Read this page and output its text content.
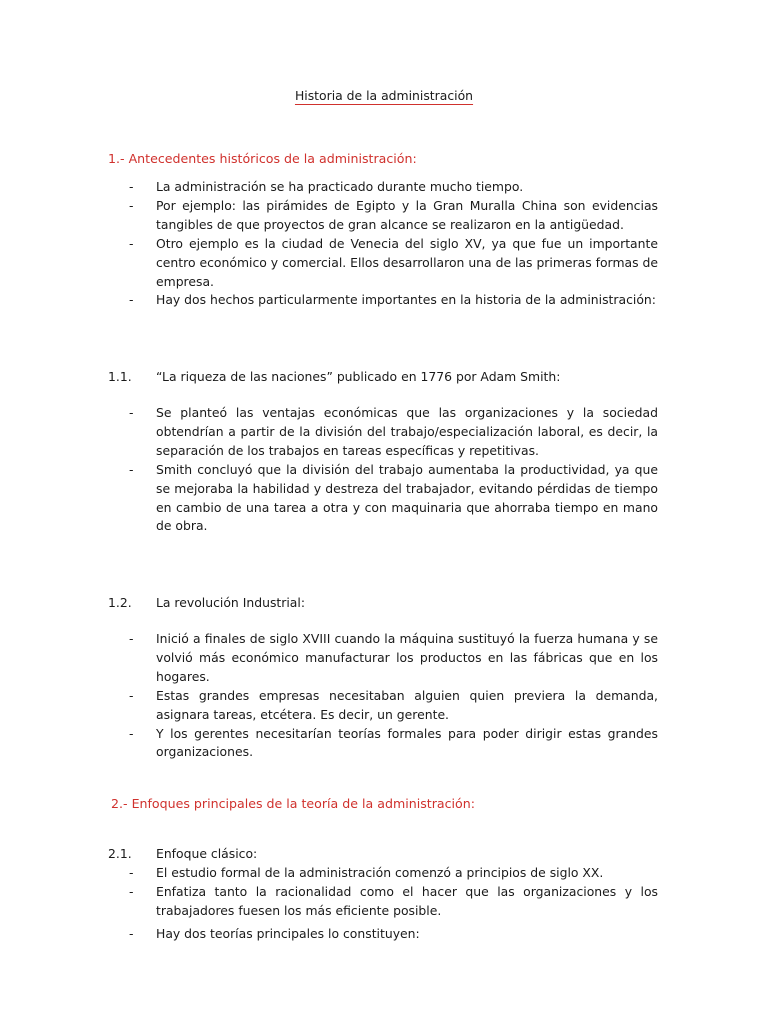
Historia de la administración
1.- Antecedentes históricos de la administración:
- La administración se ha practicado durante mucho tiempo.
- Por ejemplo: las pirámides de Egipto y la Gran Muralla China son evidencias tangibles de que proyectos de gran alcance se realizaron en la antigüedad.
- Otro ejemplo es la ciudad de Venecia del siglo XV, ya que fue un importante centro económico y comercial. Ellos desarrollaron una de las primeras formas de empresa.
- Hay dos hechos particularmente importantes en la historia de la administración:
1.1. “La riqueza de las naciones” publicado en 1776 por Adam Smith:
- Se planteó las ventajas económicas que las organizaciones y la sociedad obtendrían a partir de la división del trabajo/especialización laboral, es decir, la separación de los trabajos en tareas específicas y repetitivas.
- Smith concluyó que la división del trabajo aumentaba la productividad, ya que se mejoraba la habilidad y destreza del trabajador, evitando pérdidas de tiempo en cambio de una tarea a otra y con maquinaria que ahorraba tiempo en mano de obra.
1.2. La revolución Industrial:
- Inició a finales de siglo XVIII cuando la máquina sustituyó la fuerza humana y se volvió más económico manufacturar los productos en las fábricas que en los hogares.
- Estas grandes empresas necesitaban alguien quien previera la demanda, asignara tareas, etcétera. Es decir, un gerente.
- Y los gerentes necesitarían teorías formales para poder dirigir estas grandes organizaciones.
2.- Enfoques principales de la teoría de la administración:
2.1. Enfoque clásico:
- El estudio formal de la administración comenzó a principios de siglo XX.
- Enfatiza tanto la racionalidad como el hacer que las organizaciones y los trabajadores fuesen los más eficiente posible.
- Hay dos teorías principales lo constituyen:
